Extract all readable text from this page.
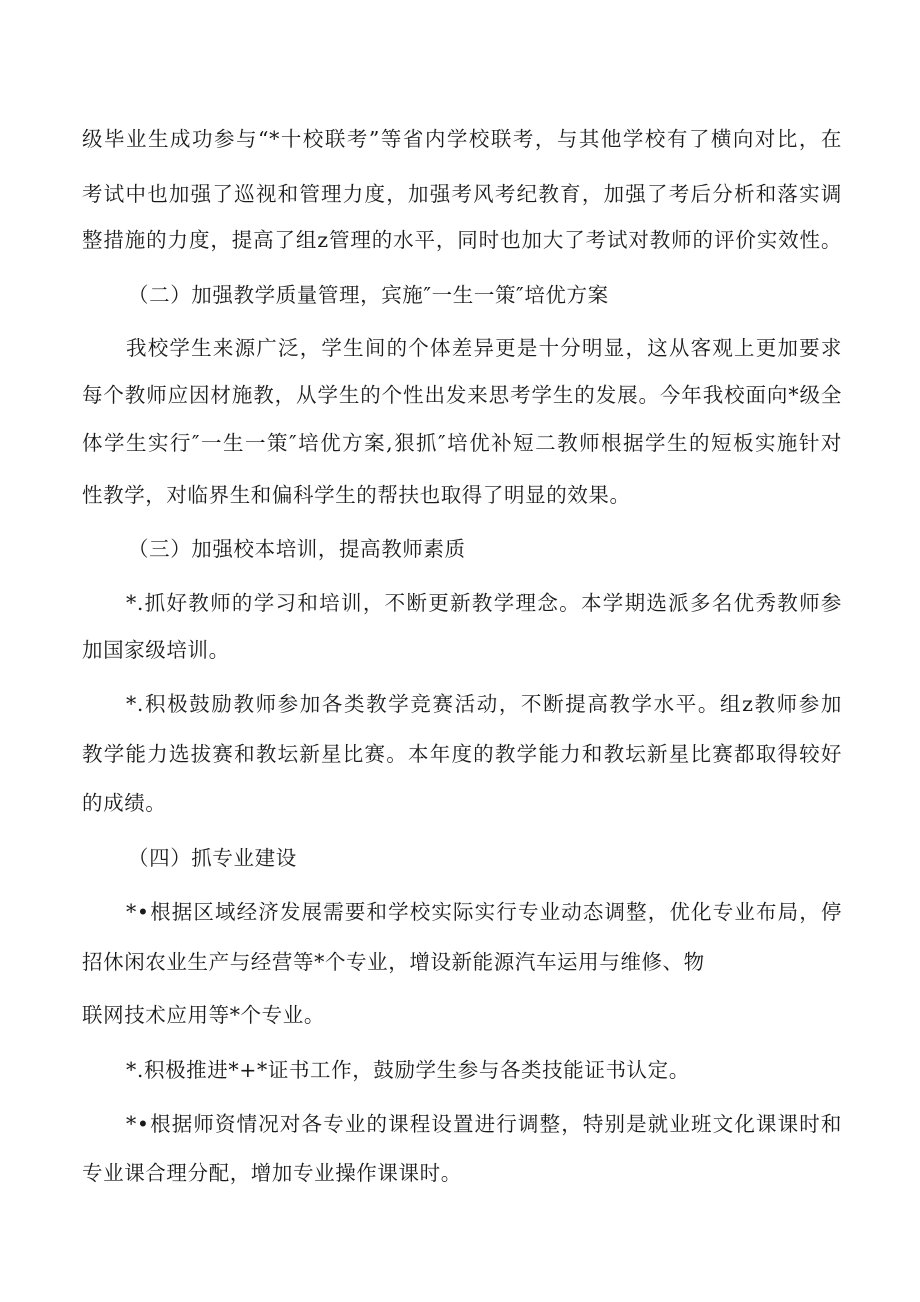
级毕业生成功参与“*十校联考”等省内学校联考，与其他学校有了横向对比，在
考试中也加强了巡视和管理力度，加强考风考纪教育，加强了考后分析和落实调
整措施的力度，提高了组z管理的水平，同时也加大了考试对教师的评价实效性。
（二）加强教学质量管理，宾施″一生一策″培优方案
我校学生来源广泛，学生间的个体差异更是十分明显，这从客观上更加要求
每个教师应因材施教，从学生的个性出发来思考学生的发展。今年我校面向*级全
体学生实行″一生一策″培优方案,狠抓″培优补短二教师根据学生的短板实施针对
性教学，对临界生和偏科学生的帮扶也取得了明显的效果。
（三）加强校本培训，提高教师素质
*.抓好教师的学习和培训，不断更新教学理念。本学期选派多名优秀教师参
加国家级培训。
*.积极鼓励教师参加各类教学竞赛活动，不断提高教学水平。组z教师参加
教学能力选拔赛和教坛新星比赛。本年度的教学能力和教坛新星比赛都取得较好
的成绩。
（四）抓专业建设
*•根据区域经济发展需要和学校实际实行专业动态调整，优化专业布局，停
招休闲农业生产与经营等*个专业，增设新能源汽车运用与维修、物
联网技术应用等*个专业。
*.积极推进*+*证书工作，鼓励学生参与各类技能证书认定。
*•根据师资情况对各专业的课程设置进行调整，特别是就业班文化课课时和
专业课合理分配，增加专业操作课课时。
